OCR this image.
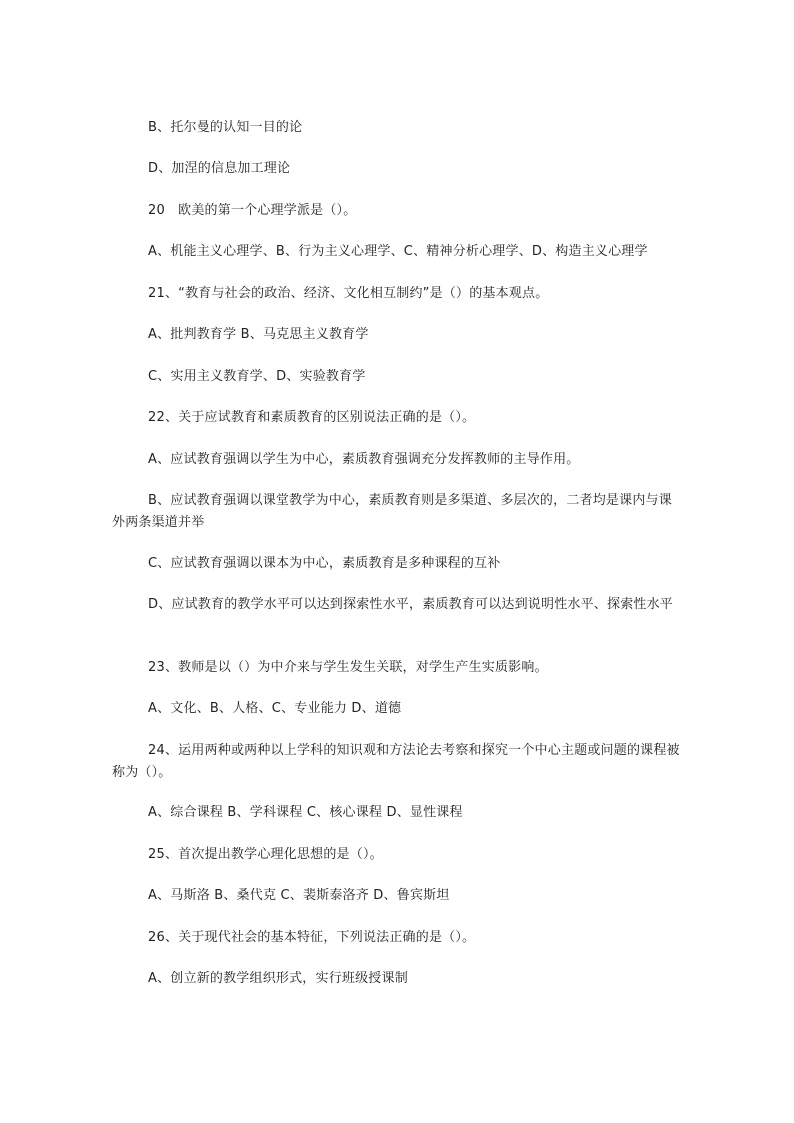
B、托尔曼的认知一目的论

D、加涅的信息加工理论

20　欧美的第一个心理学派是（）。

A、机能主义心理学、B、行为主义心理学、C、精神分析心理学、D、构造主义心理学

21、“教育与社会的政治、经济、文化相互制约”是（）的基本观点。

A、批判教育学 B、马克思主义教育学

C、实用主义教育学、D、实验教育学

22、关于应试教育和素质教育的区别说法正确的是（）。

A、应试教育强调以学生为中心，素质教育强调充分发挥教师的主导作用。

B、应试教育强调以课堂教学为中心，素质教育则是多渠道、多层次的，二者均是课内与课外两条渠道并举

C、应试教育强调以课本为中心，素质教育是多种课程的互补

D、应试教育的教学水平可以达到探索性水平，素质教育可以达到说明性水平、探索性水平

23、教师是以（）为中介来与学生发生关联，对学生产生实质影响。

A、文化、B、人格、C、专业能力 D、道德

24、运用两种或两种以上学科的知识观和方法论去考察和探究一个中心主题或问题的课程被称为（）。

A、综合课程 B、学科课程 C、核心课程 D、显性课程

25、首次提出教学心理化思想的是（）。

A、马斯洛 B、桑代克 C、裴斯泰洛齐 D、鲁宾斯坦

26、关于现代社会的基本特征，下列说法正确的是（）。

A、创立新的教学组织形式，实行班级授课制
